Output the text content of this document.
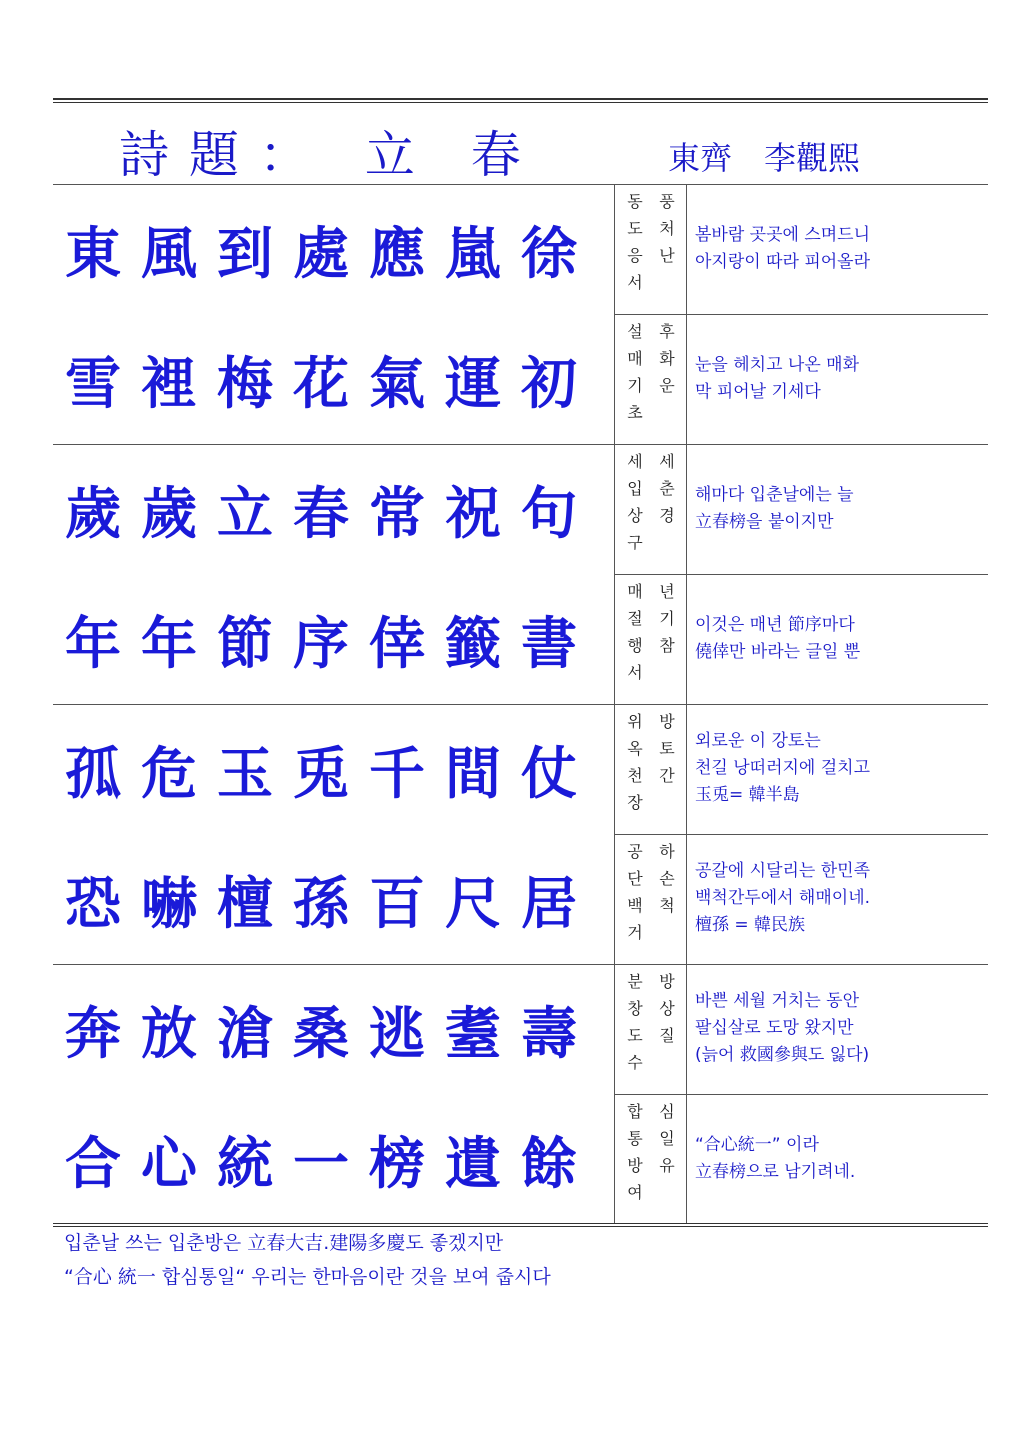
詩題： 立 春	東齊　李觀熙
東風到處應嵐徐
동
도
응
서
풍
처
난
봄바람 곳곳에 스며드니
아지랑이 따라 피어올라
雪裡梅花氣運初
설
매
기
초
후
화
운
눈을 헤치고 나온 매화
막 피어날 기세다
歲歲立春常祝句
세
입
상
구
세
춘
경
해마다 입춘날에는 늘
立春榜을 붙이지만
年年節序倖籤書
매
절
행
서
년
기
참
이것은 매년 節序마다
僥倖만 바라는 글일 뿐
孤危玉兎千間仗
위
옥
천
장
방
토
간
외로운 이 강토는
천길 낭떠러지에 걸치고
玉兎= 韓半島
恐嚇檀孫百尺居
공
단
백
거
하
손
척
공갈에 시달리는 한민족
백척간두에서 해매이네.
檀孫 = 韓民族
奔放滄桑逃耋壽
분
창
도
수
방
상
질
바쁜 세월 거치는 동안
팔십살로 도망 왔지만
(늙어 救國參與도 잃다)
合心統一榜遺餘
합
통
방
여
심
일
유
“合心統一” 이라
立春榜으로 남기려네.
입춘날 쓰는 입춘방은 立春大吉.建陽多慶도 좋겠지만
“合心 統一 합심통일“ 우리는 한마음이란 것을 보여 줍시다
